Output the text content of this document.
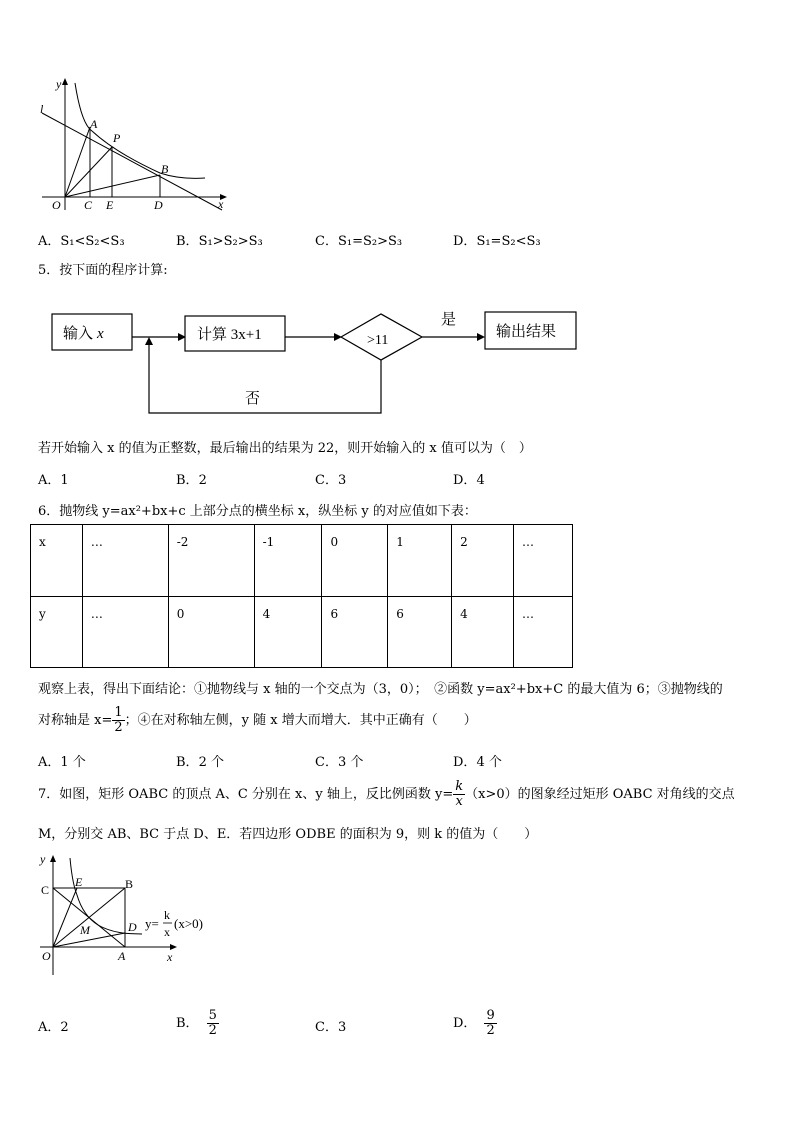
y
l
A
P
B
O C E	D	x
A．S₁<S₂<S₃	B．S₁>S₂>S₃	C．S₁=S₂>S₃	D．S₁=S₂<S₃
5．按下面的程序计算:
输入 x	计算 3x+1	>11
是
输出结果
否
若开始输入 x 的值为正整数，最后输出的结果为 22，则开始输入的 x 值可以为（　）
A．1	B．2	C．3	D．4
6．抛物线 y=ax²+bx+c 上部分点的横坐标 x，纵坐标 y 的对应值如下表：
x	…	-2	-1	0	1	2	…
y	…	0	4	6	6	4	…
观察上表，得出下面结论：①抛物线与 x 轴的一个交点为（3，0）；　②函数 y=ax²+bx+C 的最大值为 6；③抛物线的
对称轴是 $x= \frac{1}{2}$ ；④在对称轴左侧，y 随 x 增大而增大．其中正确有（　　）
A．1 个	B．2 个	C．3 个	D．4 个
7．如图，矩形 OABC 的顶点 A、C 分别在 x、y 轴上，反比例函数 $y= \frac{k}{x} (x>0)$的图象经过矩形 OABC 对角线的交点
M，分别交 AB、BC 于点 D、E．若四边形 ODBE 的面积为 9，则 k 的值为（　　）
y
C
E	B
M	D
O	A	x
y=
k
x
(x>0)
A．2	B． $\frac{5}{2}$	C．3	D． $\frac{9}{2}$
